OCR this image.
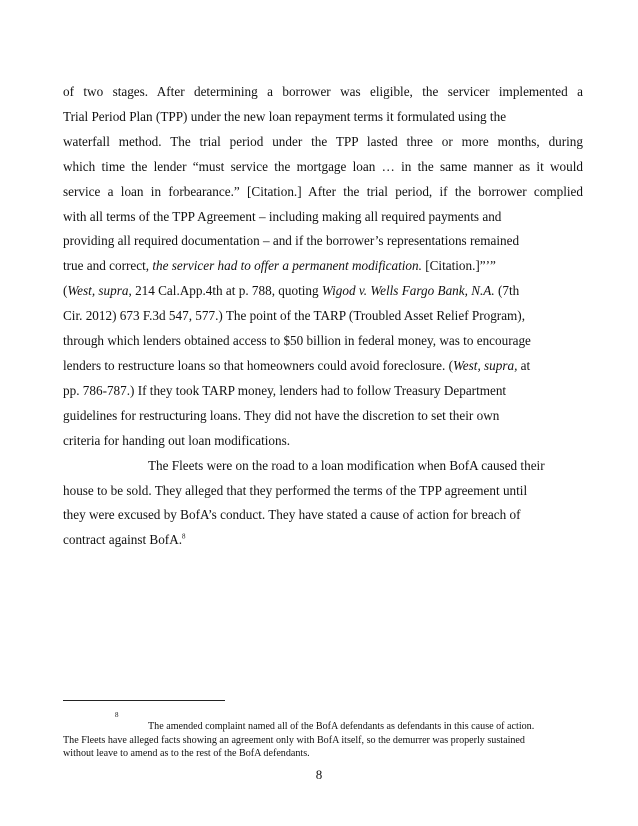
of two stages. After determining a borrower was eligible, the servicer implemented a
Trial Period Plan (TPP) under the new loan repayment terms it formulated using the
waterfall method. The trial period under the TPP lasted three or more months, during
which time the lender “must service the mortgage loan … in the same manner as it would
service a loan in forbearance.” [Citation.] After the trial period, if the borrower complied
with all terms of the TPP Agreement – including making all required payments and
providing all required documentation – and if the borrower’s representations remained
true and correct, the servicer had to offer a permanent modification. [Citation.]”’”
(West, supra, 214 Cal.App.4th at p. 788, quoting Wigod v. Wells Fargo Bank, N.A. (7th
Cir. 2012) 673 F.3d 547, 577.) The point of the TARP (Troubled Asset Relief Program),
through which lenders obtained access to $50 billion in federal money, was to encourage
lenders to restructure loans so that homeowners could avoid foreclosure. (West, supra, at
pp. 786-787.) If they took TARP money, lenders had to follow Treasury Department
guidelines for restructuring loans. They did not have the discretion to set their own
criteria for handing out loan modifications.
The Fleets were on the road to a loan modification when BofA caused their
house to be sold. They alleged that they performed the terms of the TPP agreement until
they were excused by BofA’s conduct. They have stated a cause of action for breach of
contract against BofA.$^8$
8
The amended complaint named all of the BofA defendants as defendants in this cause of action.
The Fleets have alleged facts showing an agreement only with BofA itself, so the demurrer was properly sustained
without leave to amend as to the rest of the BofA defendants.
8
